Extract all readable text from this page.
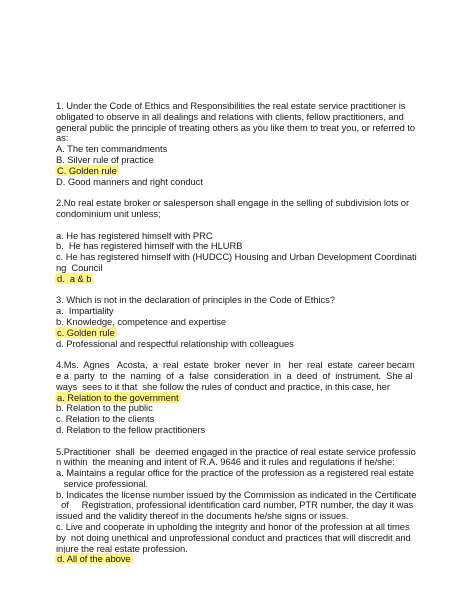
1. Under the Code of Ethics and Responsibilities the real estate service practitioner is
obligated to observe in all dealings and relations with clients, fellow practitioners, and
general public the principle of treating others as you like them to treat you, or referred to
as:
A. The ten commandments
B. Silver rule of practice
C. Golden rule
D. Good manners and right conduct
2.No real estate broker or salesperson shall engage in the selling of subdivision lots or
condominium unit unless;
a. He has registered himself with PRC
b.  He has registered himself with the HLURB
c. He has registered himself with (HUDCC) Housing and Urban Development Coordinati
ng  Council
d.  a & b
3. Which is not in the declaration of principles in the Code of Ethics?
a.  Impartiality
b. Knowledge, competence and expertise
c. Golden rule
d. Professional and respectful relationship with colleagues
4.Ms.  Agnes   Acosta,  a  real  estate  broker  never  in   her  real  estate  career becam
e a  party  to  the  naming  of  a  false  consideration  in  a  deed  of  instrument.  She al
ways  sees to it that  she follow the rules of conduct and practice, in this case, her
a. Relation to the government
b. Relation to the public
c. Relation to the clients
d. Relation to the fellow practitioners
5.Practitioner  shall  be  deemed engaged in the practice of real estate service professio
n within  the meaning and intent of R.A. 9646 and it rules and regulations if he/she:
a. Maintains a regular office for the practice of the profession as a registered real estate
service professional.
b. Indicates the license number issued by the Commission as indicated in the Certificate
of     Registration, professional identification card number, PTR number, the day it was
issued and the validity thereof in the documents he/she signs or issues.
c. Live and cooperate in upholding the integrity and honor of the profession at all times
by  not doing unethical and unprofessional conduct and practices that will discredit and
injure the real estate profession.
d. All of the above
